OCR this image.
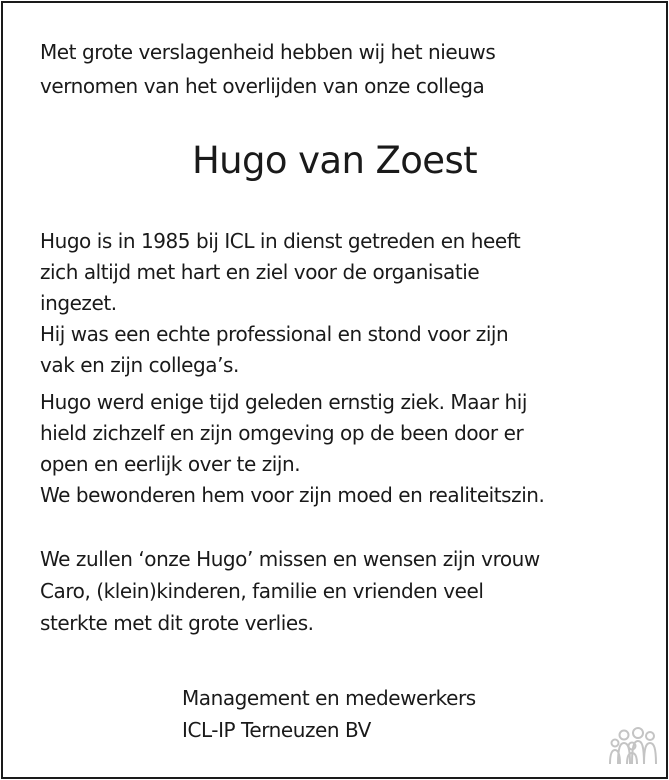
Met grote verslagenheid hebben wij het nieuws
vernomen van het overlijden van onze collega
Hugo van Zoest
Hugo is in 1985 bij ICL in dienst getreden en heeft
zich altijd met hart en ziel voor de organisatie
ingezet.
Hij was een echte professional en stond voor zijn
vak en zijn collega’s.
Hugo werd enige tijd geleden ernstig ziek. Maar hij
hield zichzelf en zijn omgeving op de been door er
open en eerlijk over te zijn.
We bewonderen hem voor zijn moed en realiteitszin.
We zullen ‘onze Hugo’ missen en wensen zijn vrouw
Caro, (klein)kinderen, familie en vrienden veel
sterkte met dit grote verlies.
Management en medewerkers
ICL-IP Terneuzen BV
